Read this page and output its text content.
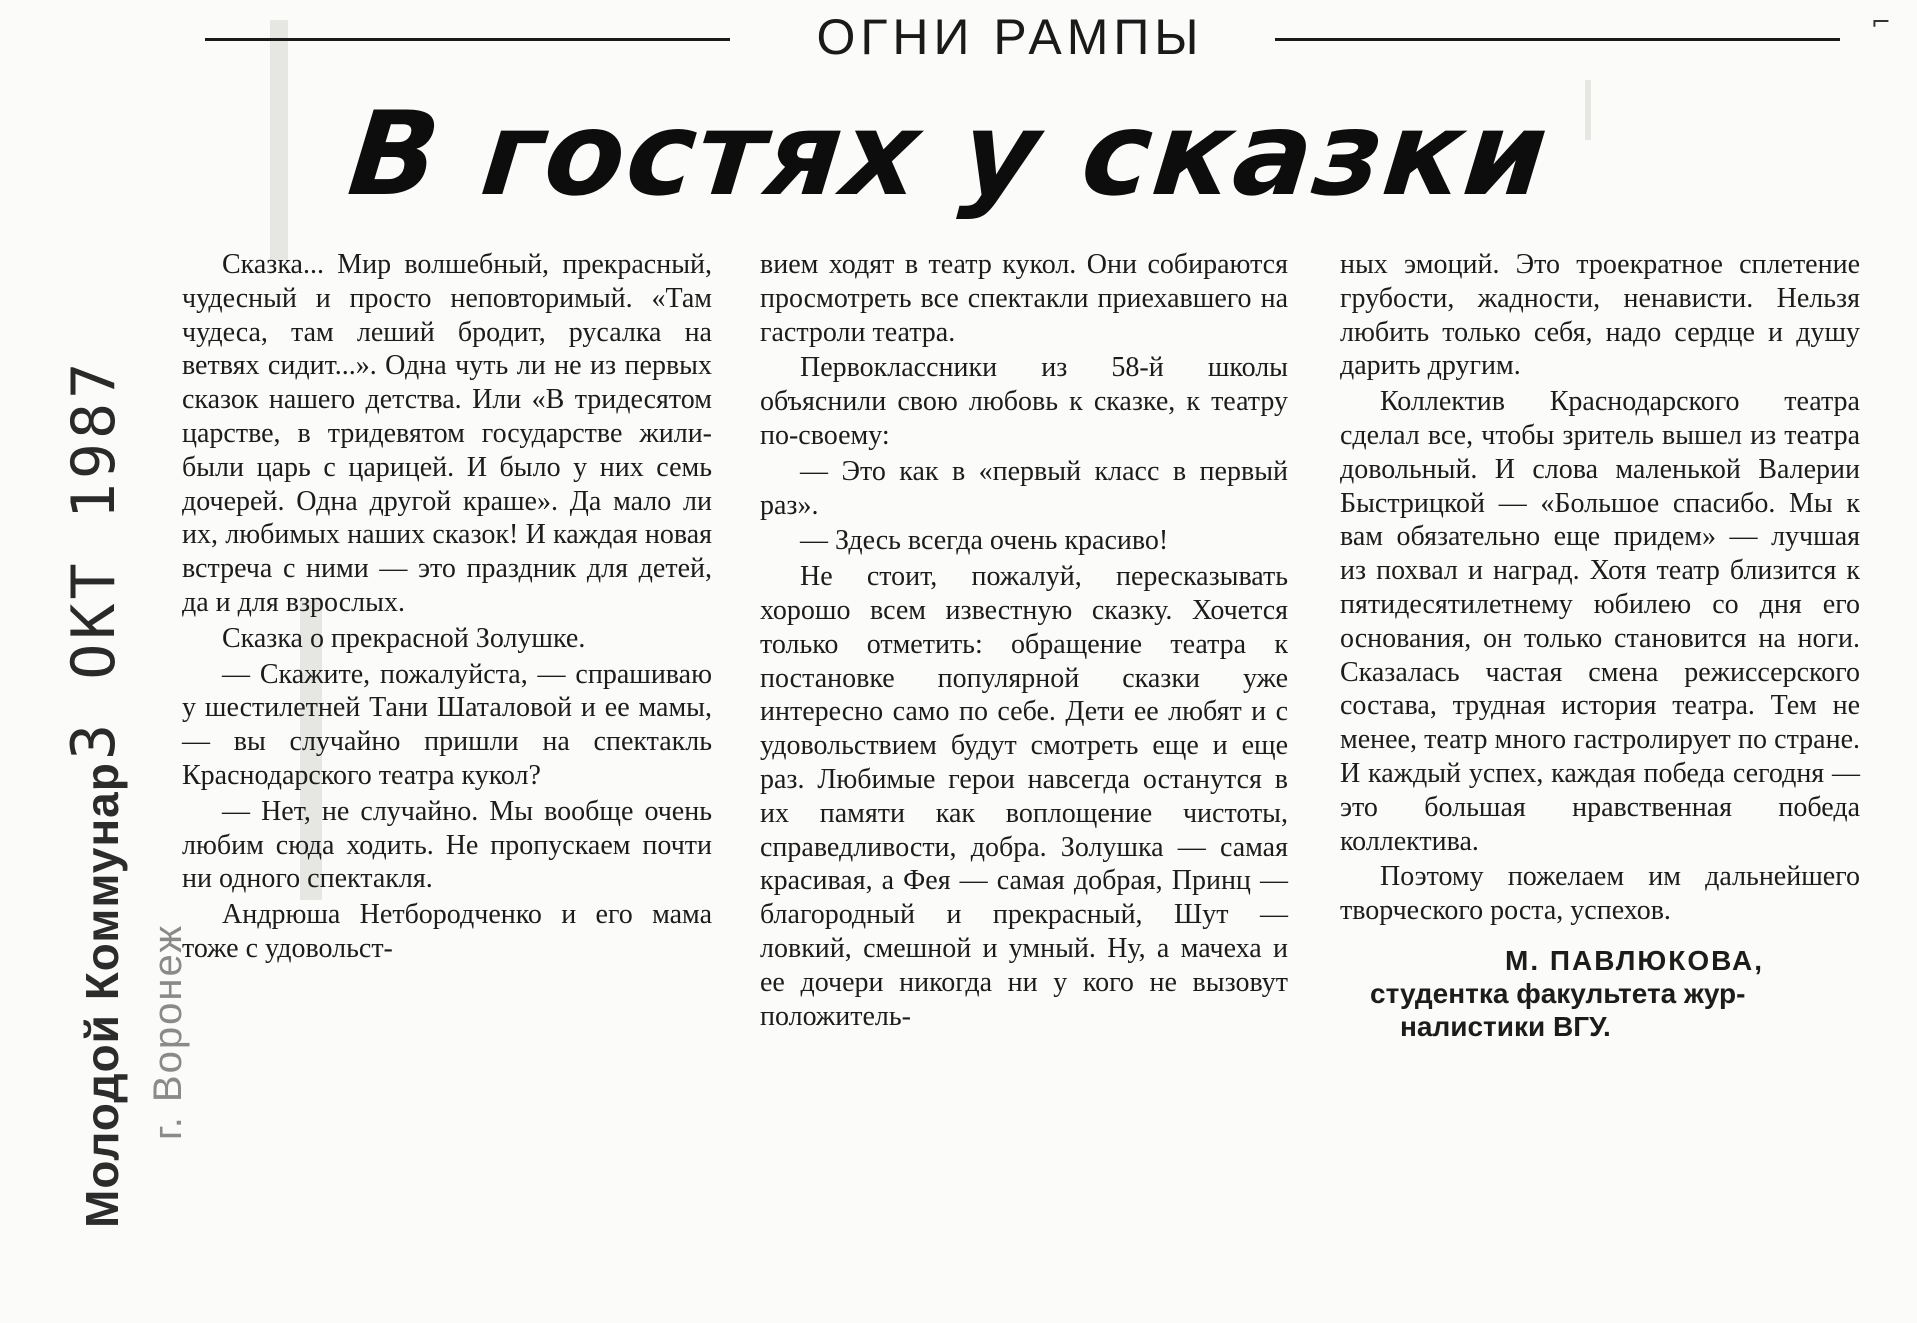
ОГНИ РАМПЫ
В гостях у сказки
3 ОКТ 1987
Молодой Коммунар г. Воронеж

Сказка... Мир волшебный, прекрасный, чудесный и просто неповторимый. «Там чудеса, там леший бродит, русалка на ветвях сидит...». Одна чуть ли не из первых сказок нашего детства. Или «В тридесятом царстве, в тридевятом государстве жили-были царь с царицей. И было у них семь дочерей. Одна другой краше». Да мало ли их, любимых наших сказок! И каждая новая встреча с ними — это праздник для детей, да и для взрослых.

Сказка о прекрасной Золушке.

— Скажите, пожалуйста, — спрашиваю у шестилетней Тани Шаталовой и ее мамы, — вы случайно пришли на спектакль Краснодарского театра кукол?

— Нет, не случайно. Мы вообще очень любим сюда ходить. Не пропускаем почти ни одного спектакля.

Андрюша Нетбородченко и его мама тоже с удовольст-

вием ходят в театр кукол. Они собираются просмотреть все спектакли приехавшего на гастроли театра.

Первоклассники из 58-й школы объяснили свою любовь к сказке, к театру по-своему:

— Это как в «первый класс в первый раз».

— Здесь всегда очень красиво!

Не стоит, пожалуй, пересказывать хорошо всем известную сказку. Хочется только отметить: обращение театра к постановке популярной сказки уже интересно само по себе. Дети ее любят и с удовольствием будут смотреть еще и еще раз. Любимые герои навсегда останутся в их памяти как воплощение чистоты, справедливости, добра. Золушка — самая красивая, а Фея — самая добрая, Принц — благородный и прекрасный, Шут — ловкий, смешной и умный. Ну, а мачеха и ее дочери никогда ни у кого не вызовут положитель-

ных эмоций. Это троекратное сплетение грубости, жадности, ненависти. Нельзя любить только себя, надо сердце и душу дарить другим.

Коллектив Краснодарского театра сделал все, чтобы зритель вышел из театра довольный. И слова маленькой Валерии Быстрицкой — «Большое спасибо. Мы к вам обязательно еще придем» — лучшая из похвал и наград. Хотя театр близится к пятидесятилетнему юбилею со дня его основания, он только становится на ноги. Сказалась частая смена режиссерского состава, трудная история театра. Тем не менее, театр много гастролирует по стране. И каждый успех, каждая победа сегодня — это большая нравственная победа коллектива.

Поэтому пожелаем им дальнейшего творческого роста, успехов.

М. ПАВЛЮКОВА,
студентка факультета жур-
налистики ВГУ.
⌐
